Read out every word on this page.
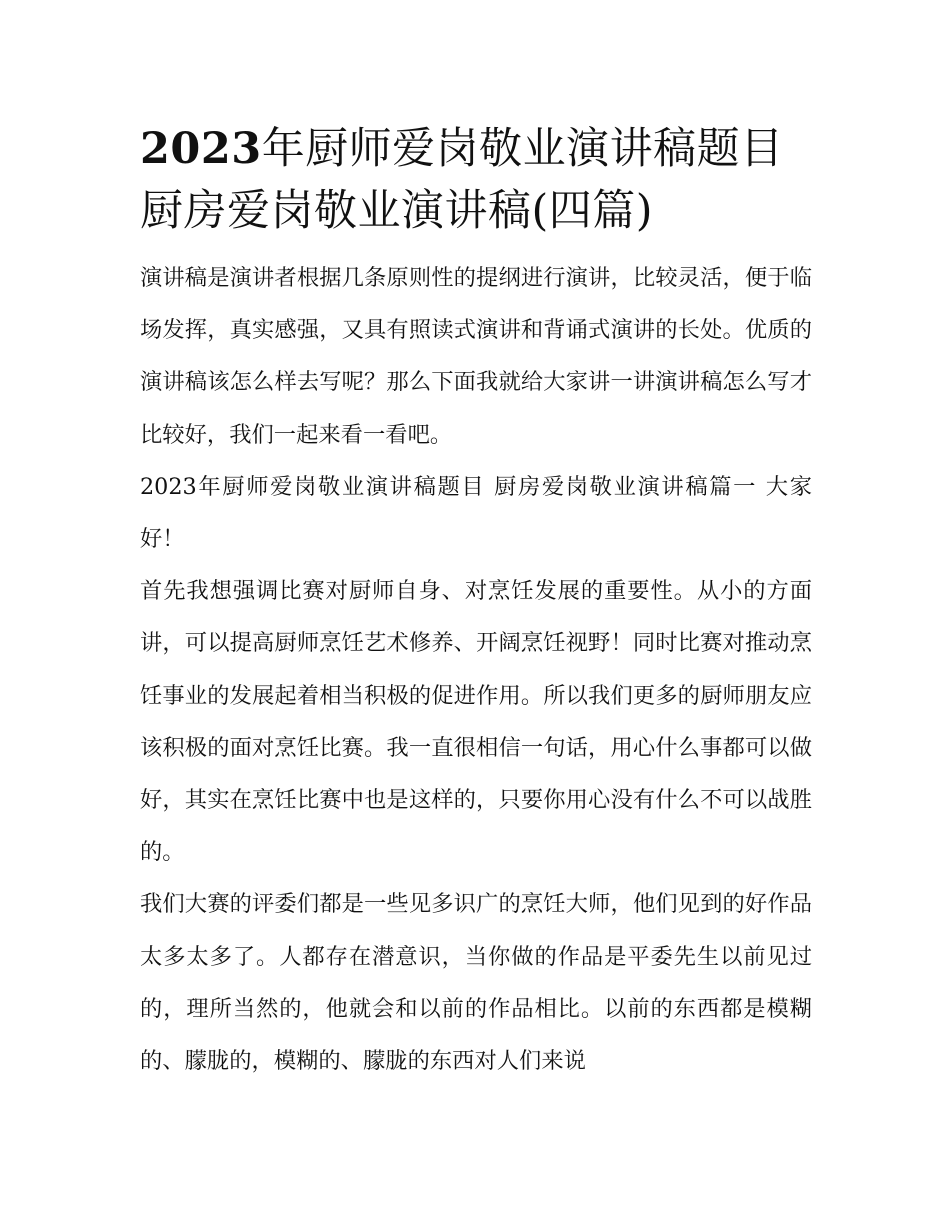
2023年厨师爱岗敬业演讲稿题目 厨房爱岗敬业演讲稿(四篇)

演讲稿是演讲者根据几条原则性的提纲进行演讲，比较灵活，便于临场发挥，真实感强，又具有照读式演讲和背诵式演讲的长处。优质的演讲稿该怎么样去写呢？那么下面我就给大家讲一讲演讲稿怎么写才比较好，我们一起来看一看吧。

2023年厨师爱岗敬业演讲稿题目 厨房爱岗敬业演讲稿篇一 大家好！

首先我想强调比赛对厨师自身、对烹饪发展的重要性。从小的方面讲，可以提高厨师烹饪艺术修养、开阔烹饪视野！同时比赛对推动烹饪事业的发展起着相当积极的促进作用。所以我们更多的厨师朋友应该积极的面对烹饪比赛。我一直很相信一句话，用心什么事都可以做好，其实在烹饪比赛中也是这样的，只要你用心没有什么不可以战胜的。

我们大赛的评委们都是一些见多识广的烹饪大师，他们见到的好作品太多太多了。人都存在潜意识，当你做的作品是平委先生以前见过的，理所当然的，他就会和以前的作品相比。以前的东西都是模糊的、朦胧的，模糊的、朦胧的东西对人们来说
